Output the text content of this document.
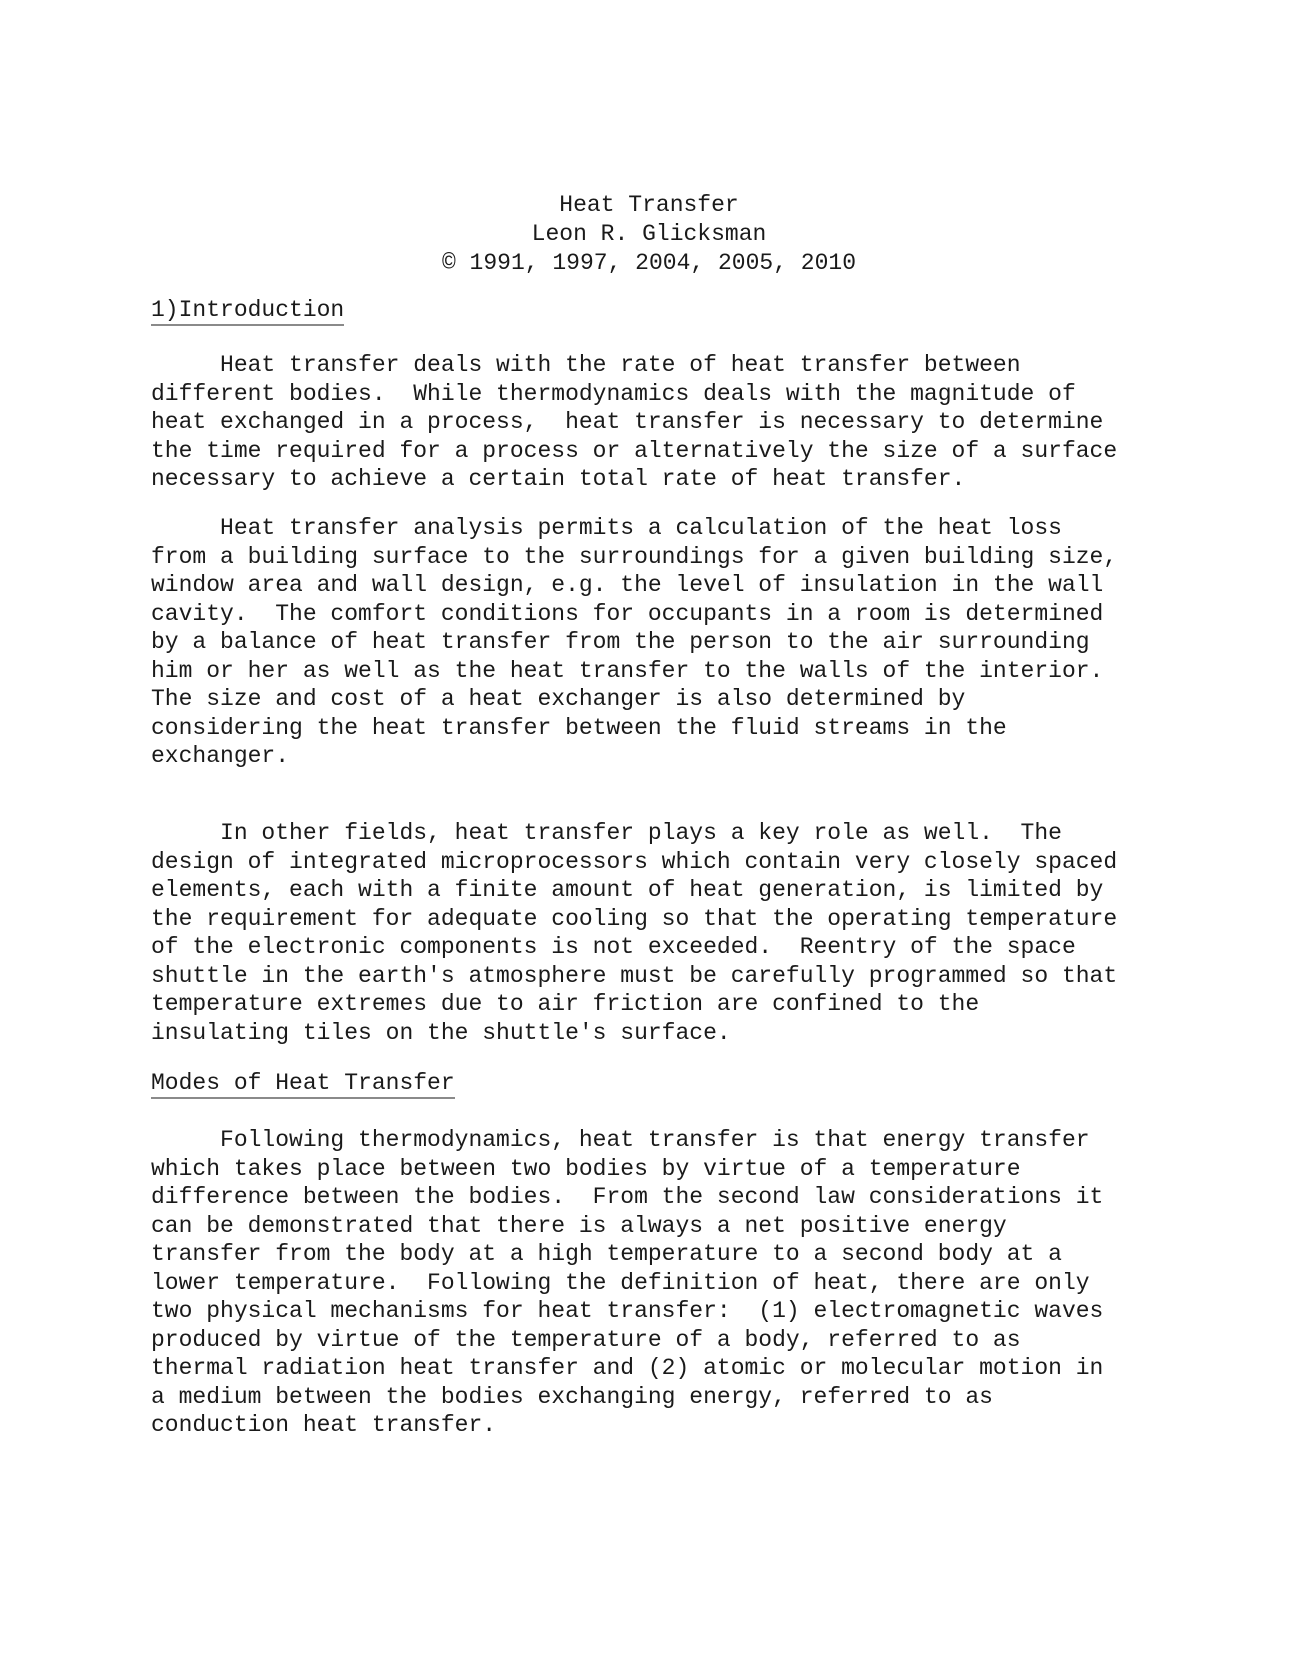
Heat Transfer
Leon R. Glicksman
© 1991, 1997, 2004, 2005, 2010
1)Introduction
Heat transfer deals with the rate of heat transfer between
different bodies.  While thermodynamics deals with the magnitude of
heat exchanged in a process,  heat transfer is necessary to determine
the time required for a process or alternatively the size of a surface
necessary to achieve a certain total rate of heat transfer.
Heat transfer analysis permits a calculation of the heat loss
from a building surface to the surroundings for a given building size,
window area and wall design, e.g. the level of insulation in the wall
cavity.  The comfort conditions for occupants in a room is determined
by a balance of heat transfer from the person to the air surrounding
him or her as well as the heat transfer to the walls of the interior.
The size and cost of a heat exchanger is also determined by
considering the heat transfer between the fluid streams in the
exchanger.
In other fields, heat transfer plays a key role as well.  The
design of integrated microprocessors which contain very closely spaced
elements, each with a finite amount of heat generation, is limited by
the requirement for adequate cooling so that the operating temperature
of the electronic components is not exceeded.  Reentry of the space
shuttle in the earth's atmosphere must be carefully programmed so that
temperature extremes due to air friction are confined to the
insulating tiles on the shuttle's surface.
Modes of Heat Transfer
Following thermodynamics, heat transfer is that energy transfer
which takes place between two bodies by virtue of a temperature
difference between the bodies.  From the second law considerations it
can be demonstrated that there is always a net positive energy
transfer from the body at a high temperature to a second body at a
lower temperature.  Following the definition of heat, there are only
two physical mechanisms for heat transfer:  (1) electromagnetic waves
produced by virtue of the temperature of a body, referred to as
thermal radiation heat transfer and (2) atomic or molecular motion in
a medium between the bodies exchanging energy, referred to as
conduction heat transfer.
